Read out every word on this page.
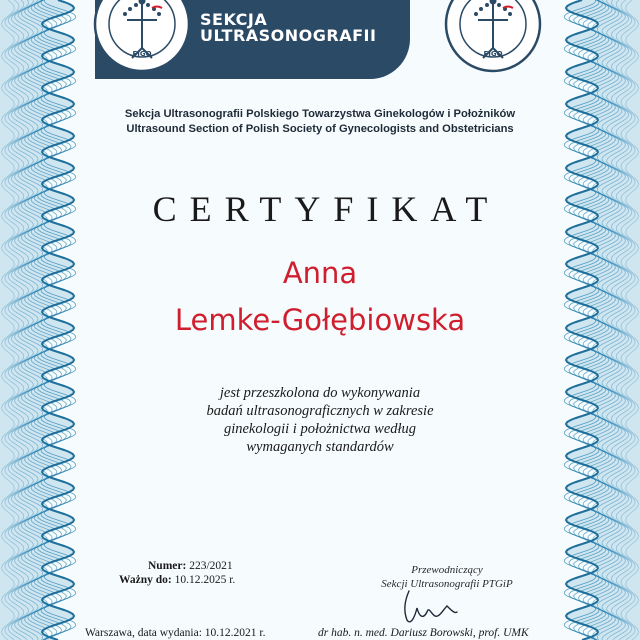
SEKCJA
ULTRASONOGRAFII
FIGO	FIGO
Sekcja Ultrasonografii Polskiego Towarzystwa Ginekologów i Położników
Ultrasound Section of Polish Society of Gynecologists and Obstetricians
CERTYFIKAT
Anna
Lemke-Gołębiowska
jest przeszkolona do wykonywania
badań ultrasonograficznych w zakresie
ginekologii i położnictwa według
wymaganych standardów
Numer: 223/2021
Ważny do: 10.12.2025 r.
Warszawa, data wydania: 10.12.2021 r.
Przewodniczący
Sekcji Ultrasonografii PTGiP
dr hab. n. med. Dariusz Borowski, prof. UMK
